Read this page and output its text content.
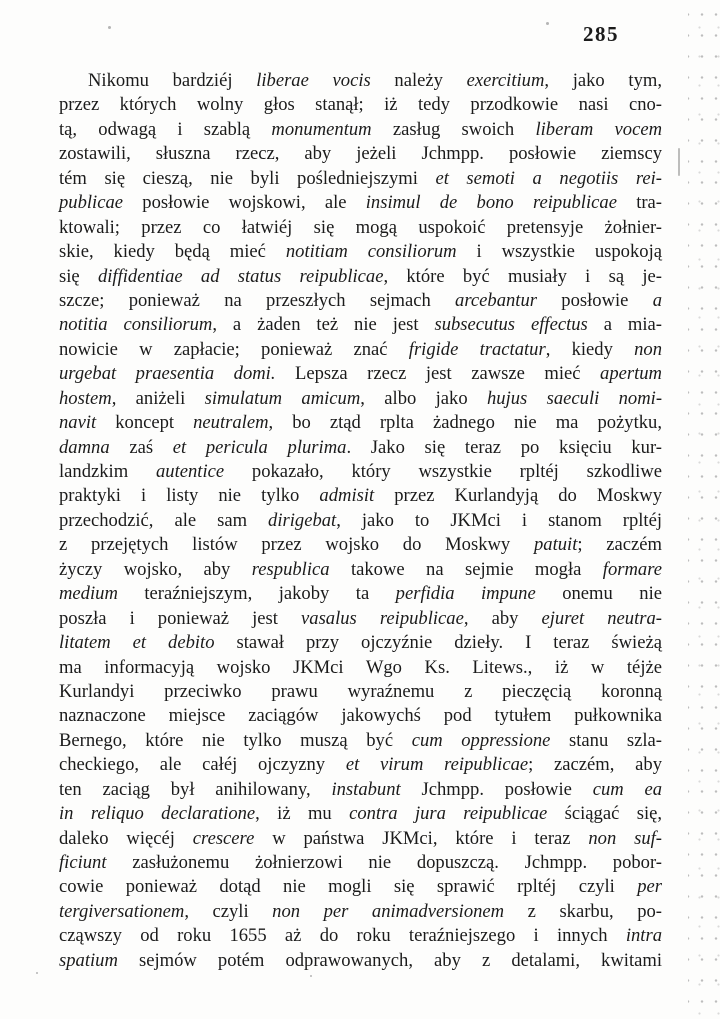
285
Nikomu bardziéj liberae vocis należy exercitium, jako tym,
przez których wolny głos stanął; iż tedy przodkowie nasi cno-
tą, odwagą i szablą monumentum zasług swoich liberam vocem
zostawili, słuszna rzecz, aby jeżeli Jchmpp. posłowie ziemscy
tém się cieszą, nie byli pośledniejszymi et semoti a negotiis rei-
publicae posłowie wojskowi, ale insimul de bono reipublicae tra-
ktowali; przez co łatwiéj się mogą uspokoić pretensyje żołnier-
skie, kiedy będą mieć notitiam consiliorum i wszystkie uspokoją
się diffidentiae ad status reipublicae, które być musiały i są je-
szcze; ponieważ na przeszłych sejmach arcebantur posłowie a
notitia consiliorum, a żaden też nie jest subsecutus effectus a mia-
nowicie w zapłacie; ponieważ znać frigide tractatur, kiedy non
urgebat praesentia domi. Lepsza rzecz jest zawsze mieć apertum
hostem, aniżeli simulatum amicum, albo jako hujus saeculi nomi-
navit koncept neutralem, bo ztąd rplta żadnego nie ma pożytku,
damna zaś et pericula plurima. Jako się teraz po księciu kur-
landzkim autentice pokazało, który wszystkie rpltéj szkodliwe
praktyki i listy nie tylko admisit przez Kurlandyją do Moskwy
przechodzić, ale sam dirigebat, jako to JKMci i stanom rpltéj
z przejętych listów przez wojsko do Moskwy patuit; zaczém
życzy wojsko, aby respublica takowe na sejmie mogła formare
medium teraźniejszym, jakoby ta perfidia impune onemu nie
poszła i ponieważ jest vasalus reipublicae, aby ejuret neutra-
litatem et debito stawał przy ojczyźnie dzieły. I teraz świeżą
ma informacyją wojsko JKMci Wgo Ks. Litews., iż w téjże
Kurlandyi przeciwko prawu wyraźnemu z pieczęcią koronną
naznaczone miejsce zaciągów jakowychś pod tytułem pułkownika
Bernego, które nie tylko muszą być cum oppressione stanu szla-
checkiego, ale całéj ojczyzny et virum reipublicae; zaczém, aby
ten zaciąg był anihilowany, instabunt Jchmpp. posłowie cum ea
in reliquo declaratione, iż mu contra jura reipublicae ściągać się,
daleko więcéj crescere w państwa JKMci, które i teraz non suf-
ficiunt zasłużonemu żołnierzowi nie dopuszczą. Jchmpp. pobor-
cowie ponieważ dotąd nie mogli się sprawić rpltéj czyli per
tergiversationem, czyli non per animadversionem z skarbu, po-
cząwszy od roku 1655 aż do roku teraźniejszego i innych intra
spatium sejmów potém odprawowanych, aby z detalami, kwitami
